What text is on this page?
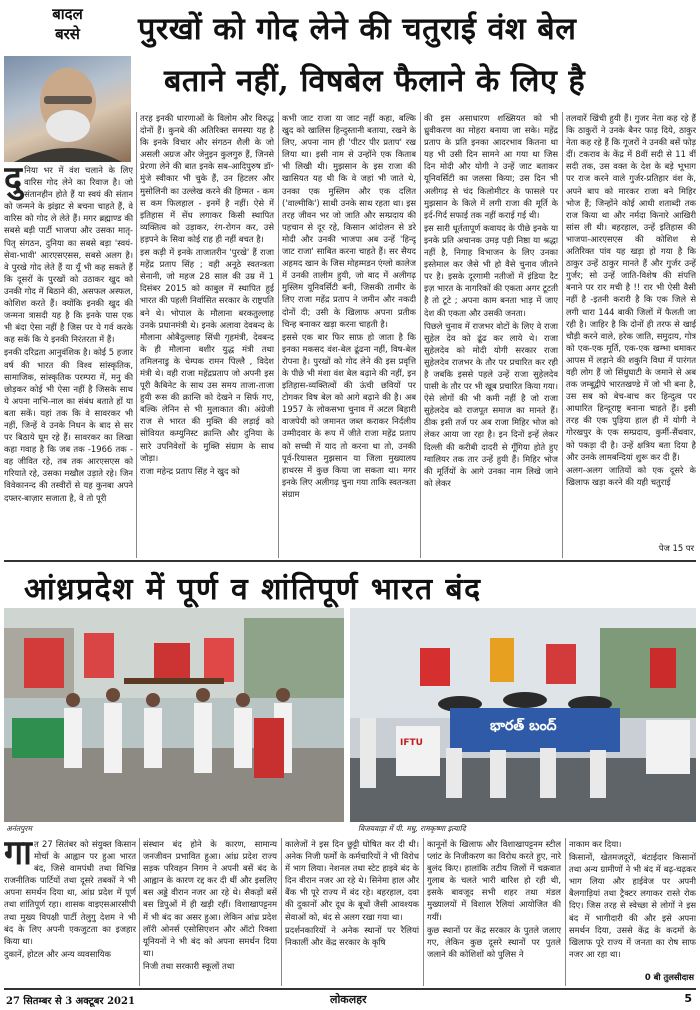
बादल
बरसे	पुरखों को गोद लेने की चतुराई वंश बेल
बताने नहीं, विषबेल फैलाने के लिए है

दुनिया भर में वंश चलाने के लिए वारिस गोद लेने का रिवाज है। जो संतानहीन होते हैं या स्वयं की संतान को जन्मने के झंझट से बचना चाहते हैं, वे वारिस को गोद ले लेते हैं। मगर ब्रह्माण्ड की सबसे बड़ी पार्टी भाजपा और उसका मातृ-पितृ संगठन, दुनिया का सबसे बड़ा 'स्वयं-सेवा-भावी' आरएसएसस, सबसे अलग है। वे पुरखे गोद लेते हैं या यूँ भी कह सकते हैं कि दूसरों के पुरखों को उठाकर खुद को उनकी गोद में बिठाने की, असफल अस्फल, कोशिश करते हैं। क्योंकि इनकी खुद की जन्मना त्रासदी यह है कि इनके पास एक भी बंदा ऐसा नहीं है जिस पर ये गर्व करके कह सकें कि ये इनकी निरंतरता में हैं।

इनकी दरिद्रता आनुवंशिक है। कोई 5 हजार वर्ष की भारत की विश्व सांस्कृतिक, सामाजिक, सांस्कृतिक परम्परा में, मनु की छोड़कर कोई भी ऐसा नहीं है जिसके साथ ये अपना नाभि-नाल का संबंध बताते हों या बता सकें। यहां तक कि वे सावरकर भी नहीं, जिन्हें वे उनके निधन के बाद से सर पर बिठाये घूम रहे हैं। सावरकर का लिखा कहा गवाह है कि जब तक -1966 तक - वह जीवित रहे, तब तक आरएसएस को गरियाते रहे, उसका मखौल उड़ाते रहे। जिन विवेकानन्द की तस्वीरों से यह कुनबा अपने दफ्तर-बाज़ार सजाता है, वे तो पूरी

तरह इनकी धारणाओं के विलोम और विरुद्ध दोनों हैं। कुनबे की अतिरिक्त समस्या यह है कि इनके विचार और संगठन शैली के जो असली अग्रज और जेनुइन कुलगुरु हैं, जिनसे प्रेरणा लेने की बात इनके सब-आदिपुरुष डॉ॰ मुंजे स्वीकार भी चुके हैं, उन हिटलर और मुसोलिनी का उल्लेख करने की हिम्मत - कम स कम फिलहाल - इनमें है नहीं। ऐसे में इतिहास में सेंध लगाकर किसी स्थापित व्यक्तित्व को उड़ाकर, रंग-रोगन कर, उसे हड़पने के सिवा कोई राह ही नहीं बचत है।

इस कड़ी में इनके ताजातरीन 'पुरखे' हैं राजा महेंद्र प्रताप सिंह ; वही अनूठे स्वतन्त्रता सेनानी, जो महज 28 साल की उम्र में 1 दिसंबर 2015 को काबुल में स्थापित हुई भारत की पहली निर्वासित सरकार के राष्ट्रपति बने थे। भोपाल के मौलाना बरकतुल्लाह उनके प्रधानमंत्री थे। इनके अलावा देवबन्द के मौलाना ओबैदुल्लाह सिंधी गृहमंत्री, देवबन्द के ही मौलाना बशीर युद्ध मंत्री तथा तमिलनाडु के चेम्पक रामन पिल्लै , विदेश मंत्री थे। वही राजा महेंद्रप्रताप जो अपनी इस पूरी कैबिनेट के साथ उस समय ताजा-ताजा हुयी रूस की क्रान्ति को देखने न सिर्फ गए, बल्कि लेनिन से भी मुलाकात की। अंग्रेजी राज से भारत की मुक्ति की लड़ाई को सोवियत कम्युनिस्ट क्रान्ति और दुनिया के सारे उपनिवेशों के मुक्ति संग्राम के साथ जोड़ा।

राजा महेन्द्र प्रताप सिंह ने खुद को

कभी जाट राजा या जाट नहीं कहा, बल्कि खुद को खालिस हिन्दुस्तानी बताया, रखने के लिए, अपना नाम ही 'पीटर पीर प्रताप' रख लिया था। इसी नाम से उन्होंने एक किताब भी लिखी थी। मुझसान के इस राजा की खासियत यह थी कि वे जहां भी जाते थे, उनका एक मुस्लिम और एक दलित ('वाल्मीकि') साथी उनके साथ रहता था। इस तरह जीवन भर जो जाति और सम्प्रदाय की पहचान से दूर रहे, किसान आंदोलन से डरे मोदी और उनकी भाजपा अब उन्हें 'हिन्दू जाट राजा' साबित करना चाहते हैं। सर सैयद अहमद खान के जिस मोहम्मडन एंग्लो कालेज में उनकी तालीम हुयी, जो बाद में अलीगढ़ मुस्लिम यूनिवर्सिटी बनी, जिसकी तामीर के लिए राजा महेंद्र प्रताप ने जमीन और नकदी दोनों दी; उसी के खिलाफ अपना प्रतीक चिन्ह बनाकर खड़ा करना चाहती है।

इससे एक बार फिर साफ़ हो जाता है कि इनका मकसद वंश-बेल ढूंढना नहीं, विष-बेल रोपना है। पुरखों को गोद लेने की इस प्रवृत्ति के पीछे भी मंशा वंश बेल बढ़ाने की नहीं, इन इतिहास-व्यक्तित्वों की ऊंची छवियों पर टोगकर विष बेल को आगे बढ़ाने की है। अब 1957 के लोकसभा चुनाव में अटल बिहारी वाजपेयी को जमानत जब्त कराकर निर्दलीय उम्मीदवार के रूप में जीते राजा महेंद्र प्रताप को सच्ची में याद तो करना था तो, उनकी पूर्व-रियासत मुझसान या जिला मुख्यालय हाथरस में कुछ किया जा सकता था। मगर इनके लिए अलीगढ़ चुना गया ताकि स्वतन्त्रता संग्राम

की इस असाधारण शख्सियत को भी ध्रुवीकरण का मोहरा बनाया जा सके। महेंद्र प्रताप के प्रति इनका आदरभाव कितना था यह भी उसी दिन सामने आ गया था जिस दिन मोदी और योगी ने उन्हें जाट बताकर यूनिवर्सिटी का जलसा किया; उस दिन भी अलीगढ़ से चंद किलोमीटर के फासले पर मुझसान के किले में लगी राजा की मूर्ति के इर्द-गिर्द सफाई तक नहीं कराई गई थी।

इस सारी धूर्ततापूर्ण कवायद के पीछे इनके या इनके प्रति अचानक उमड़ पड़ी निष्ठा या श्रद्धा नहीं है, निगाह विभाजन के लिए उनका इस्तेमाल कर जैसे भी हो वैसे चुनाव जीतने पर है। इसके दूरगामी नतीजों में इंडिया दैट इज़ भारत के नागरिकों की एकता अगर टूटती है तो टूटे ; अपना काम बनता भाड़ में जाए देश की एकता और उसकी जनता।

पिछले चुनाव में राजभर वोटों के लिए वे राजा सुहेल देव को ढूंढ कर लाये थे। राजा सुहेलदेव को मोदी योगी सरकार राजा सुहेलदेव राजभर के तौर पर प्रचारित कर रही है जबकि इससे पहले उन्हें राजा सुहेलदेव पासी के तौर पर भी खूब प्रचारित किया गया। ऐसे लोगों की भी कमी नहीं है जो राजा सुहेलदेव को राजपूत समाज का मानते हैं। ठीक इसी तर्ज पर अब राजा मिहिर भोज को लेकर आया जा रहा है। इन दिनों इन्हें लेकर दिल्ली की करीबी दादरी से गूँगिया होते हुए ग्वालियर तक तार उन्हें हुयी हैं। मिहिर भोज की मूर्तियों के आगे उनका नाम लिखे जाने को लेकर

तलवारें खिंची हुयी हैं। गुजर नेता कह रहे हैं कि ठाकुरों ने उनके बैनर फाड़ दिये, ठाकुर नेता कह रहे हैं कि गूजरों ने उनकी बसें फोड़ दीं। टकराव के केंद्र में 8वीं सदी से 11 वीं सदी तक, उस वक्त के देश के बड़े भूभाग पर राज करने वाले गुर्जर-प्रतिहार वंश के, अपने बाप को मारकर राजा बने मिहिर भोज हैं; जिन्होंने कोई आधी शताब्दी तक राज किया था और नर्मदा किनारे आखिरी सांस ली थी। बहरहाल, उन्हें इतिहास की भाजपा-आरएसएस की कोशिश से अतिरिक्त पांव यह खड़ा हो गया है कि ठाकुर उन्हें ठाकुर मानते हैं और गुर्जर उन्हें गुर्जर; सो उन्हें जाति-विशेष की संपत्ति बनाने पर रार मची है !! रार भी ऐसी वैसी नहीं है -इतनी करारी है कि एक जिले से लगी धारा 144 बाकी जिलों में फैलती जा रही है। जाहिर है कि दोनों ही तरफ से खाई चौड़ी करने वाले, हरेक जाति, समुदाय, गोत्र को एक-एक मूर्ति, एक-एक खम्भा थमाकर आपस में लड़ाने की शकुनि विधा में पारंगत वही लोग हैं जो सिंधुघाटी के जमाने से अब तक जम्बूद्वीपे भारतखण्डे में जो भी बना है, उस सब को बेच-बाच कर हिन्दुत्व पर आधारित हिन्दूराष्ट्र बनाना चाहते हैं। इसी तरह की एक पुड़िया हाल ही में योगी ने गोरखपुर के एक सम्प्रदाय, कुर्मी-सैंथवार, को पकड़ा दी है। उन्हें क्षत्रिय बता दिया है और उनके लामबन्दियां शुरू कर दी हैं।

अलग-अलग जातियों को एक दूसरे के खिलाफ खड़ा करने की यही चतुराई

पेज 15 पर
आंध्रप्रदेश में पूर्ण व शांतिपूर्ण भारत बंद
अनंतपुरम
భారత్ బంద్
IFTU
विजयवाड़ा में पी. मधु, रामकृष्णा इत्यादि

गात 27 सितंबर को संयुक्त किसान मोर्चा के आह्वान पर हुआ भारत बंद, जिसे वामपंथी तथा विभिन्न राजनीतिक पार्टियों तथा दूसरे तबकों ने भी अपना समर्थन दिया था, आंध्र प्रदेश में पूर्ण तथा शांतिपूर्ण रहा। शासक वाइएसआरसीपी तथा मुख्य विपक्षी पार्टी तेलुगु देशम ने भी बंद के लिए अपनी एकजुटता का इजहार किया था।

दुकानें, होटल और अन्य व्यवसायिक

संस्थान बंद होने के कारण, सामान्य जनजीवन प्रभावित हुआ। आंध्र प्रदेश राज्य सड़क परिवहन निगम ने अपनी बसें बंद के आह्वान के कारण रद्द कर दी थीं और इसलिए बस अड्डे वीरान नजर आ रहे थे। सैकड़ों बसें बस डिपुओं में ही खड़ी रहीं। विशाखापट्टनम में भी बंद का असर हुआ। लेकिन आंध्र प्रदेश लॉरी ओनर्स एसोसिएशन और ऑटो रिक्शा यूनियनों ने भी बंद को अपना समर्थन दिया था।

निजी तथा सरकारी स्कूलों तथा

कालेजों ने इस दिन छुट्टी घोषित कर दी थी। अनेक निजी फर्मों के कर्मचारियों ने भी विरोध में भाग लिया। नेशनल तथा स्टेट हाइवे बंद के दिन वीरान नजर आ रहे थे। सिनेमा हाल और बैंक भी पूरे राज्य में बंद रहे। बहरहाल, दवा की दुकानों और दूध के बूथों जैसी आवश्यक सेवाओं को, बंद से अलग रखा गया था।

प्रदर्शनकारियों ने अनेक स्थानों पर रैलियां निकालीं और केंद्र सरकार के कृषि

कानूनों के खिलाफ और विशाखापट्टनम स्टील प्लांट के निजीकरण का विरोध करते हुए, नारे बुलंद किए। हालांकि तटीय जिलों में चक्रवात गुलाब के चलते भारी बारिश हो रही थी, इसके बावजूद सभी शहर तथा मंडल मुख्यालयों में विशाल रैलियां आयोजित की गयीं।

कुछ स्थानों पर केंद्र सरकार के पुतले जलाए गए, लेकिन कुछ दूसरे स्थानों पर पुतले जलाने की कोशिशों को पुलिस ने

नाकाम कर दिया।

किसानों, खेतमजदूरों, बंटाईदार किसानों तथा अन्य ग्रामीणों ने भी बंद में बढ़-चढ़कर भाग लिया और हाईवेज पर अपनी बैलगाड़ियां तथा ट्रैक्टर लगाकर रास्ते रोक दिए। जिस तरह से स्वेच्छा से लोगों ने इस बंद में भागीदारी की और इसे अपना समर्थन दिया, उससे केंद्र के कदमों के खिलाफ पूरे राज्य में जनता का रोष साफ नजर आ रहा था।

0 बी तुलसीदास
27 सितम्बर से 3 अक्टूबर 2021	लोकलहर	5
